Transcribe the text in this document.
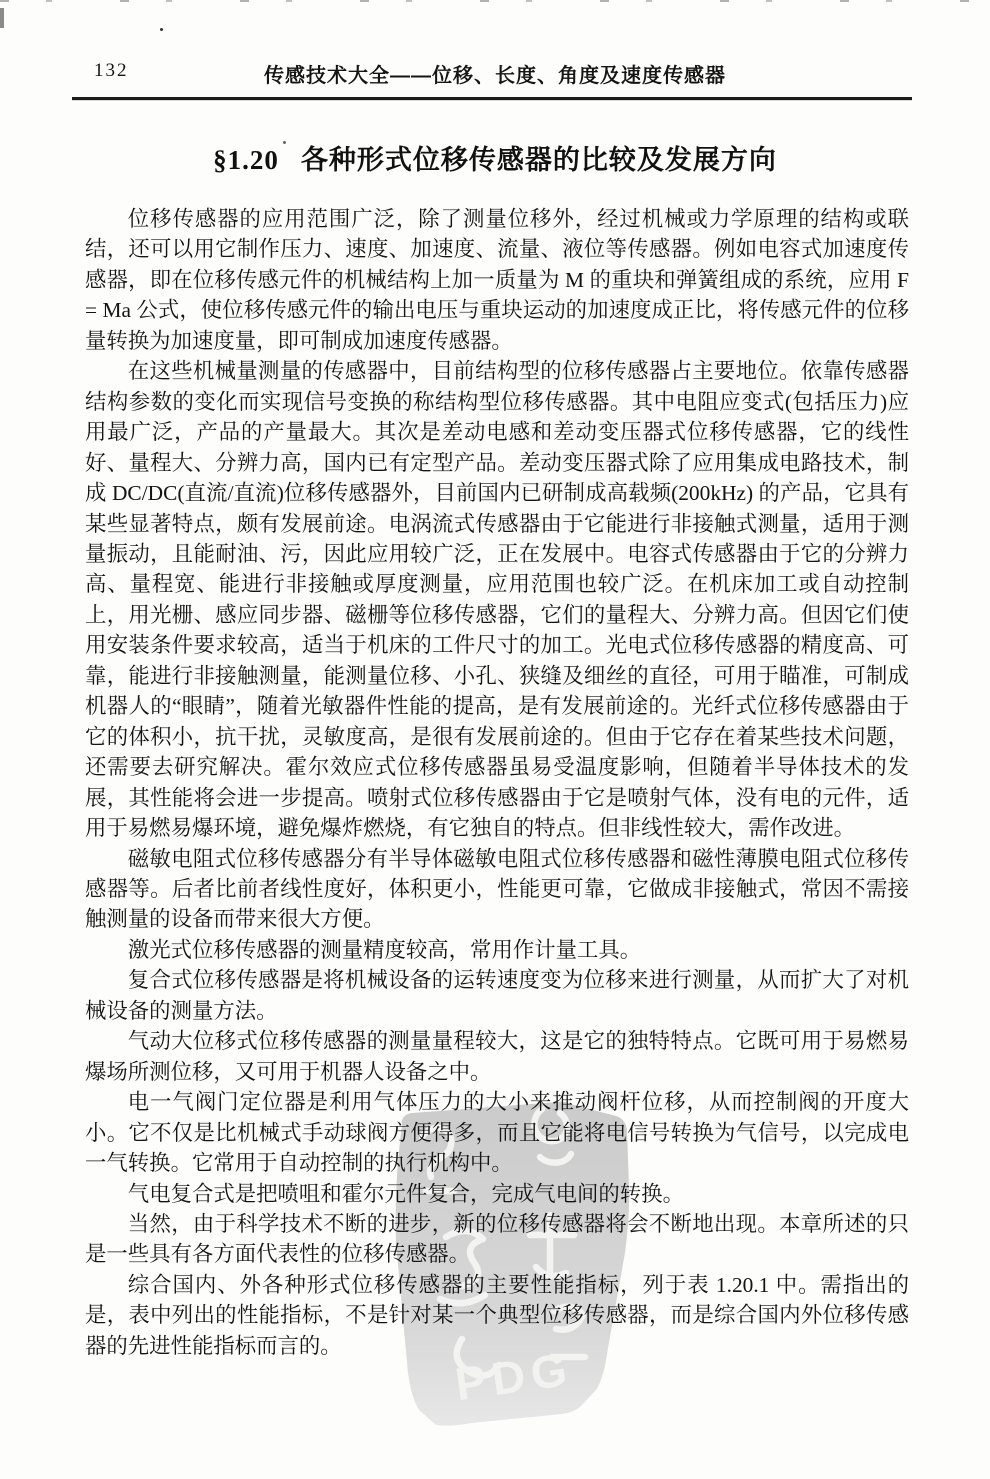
132	传感技术大全——位移、长度、角度及速度传感器
§1.20 各种形式位移传感器的比较及发展方向

位移传感器的应用范围广泛，除了测量位移外，经过机械或力学原理的结构或联结，还可以用它制作压力、速度、加速度、流量、液位等传感器。例如电容式加速度传感器，即在位移传感元件的机械结构上加一质量为 M 的重块和弹簧组成的系统，应用 F = Ma 公式，使位移传感元件的输出电压与重块运动的加速度成正比，将传感元件的位移量转换为加速度量，即可制成加速度传感器。

在这些机械量测量的传感器中，目前结构型的位移传感器占主要地位。依靠传感器结构参数的变化而实现信号变换的称结构型位移传感器。其中电阻应变式(包括压力)应用最广泛，产品的产量最大。其次是差动电感和差动变压器式位移传感器，它的线性好、量程大、分辨力高，国内已有定型产品。差动变压器式除了应用集成电路技术，制成 DC/DC(直流/直流)位移传感器外，目前国内已研制成高载频(200kHz) 的产品，它具有某些显著特点，颇有发展前途。电涡流式传感器由于它能进行非接触式测量，适用于测量振动，且能耐油、污，因此应用较广泛，正在发展中。电容式传感器由于它的分辨力高、量程宽、能进行非接触或厚度测量，应用范围也较广泛。在机床加工或自动控制上，用光栅、感应同步器、磁栅等位移传感器，它们的量程大、分辨力高。但因它们使用安装条件要求较高，适当于机床的工件尺寸的加工。光电式位移传感器的精度高、可靠，能进行非接触测量，能测量位移、小孔、狭缝及细丝的直径，可用于瞄准，可制成机器人的“眼睛”，随着光敏器件性能的提高，是有发展前途的。光纤式位移传感器由于它的体积小，抗干扰，灵敏度高，是很有发展前途的。但由于它存在着某些技术问题，还需要去研究解决。霍尔效应式位移传感器虽易受温度影响，但随着半导体技术的发展，其性能将会进一步提高。喷射式位移传感器由于它是喷射气体，没有电的元件，适用于易燃易爆环境，避免爆炸燃烧，有它独自的特点。但非线性较大，需作改进。

磁敏电阻式位移传感器分有半导体磁敏电阻式位移传感器和磁性薄膜电阻式位移传感器等。后者比前者线性度好，体积更小，性能更可靠，它做成非接触式，常因不需接触测量的设备而带来很大方便。

激光式位移传感器的测量精度较高，常用作计量工具。

复合式位移传感器是将机械设备的运转速度变为位移来进行测量，从而扩大了对机械设备的测量方法。

气动大位移式位移传感器的测量量程较大，这是它的独特特点。它既可用于易燃易爆场所测位移，又可用于机器人设备之中。

电一气阀门定位器是利用气体压力的大小来推动阀杆位移，从而控制阀的开度大小。它不仅是比机械式手动球阀方便得多，而且它能将电信号转换为气信号，以完成电一气转换。它常用于自动控制的执行机构中。

气电复合式是把喷咀和霍尔元件复合，完成气电间的转换。

当然，由于科学技术不断的进步，新的位移传感器将会不断地出现。本章所述的只是一些具有各方面代表性的位移传感器。

综合国内、外各种形式位移传感器的主要性能指标，列于表 1.20.1 中。需指出的是，表中列出的性能指标，不是针对某一个典型位移传感器，而是综合国内外位移传感器的先进性能指标而言的。	PDG
